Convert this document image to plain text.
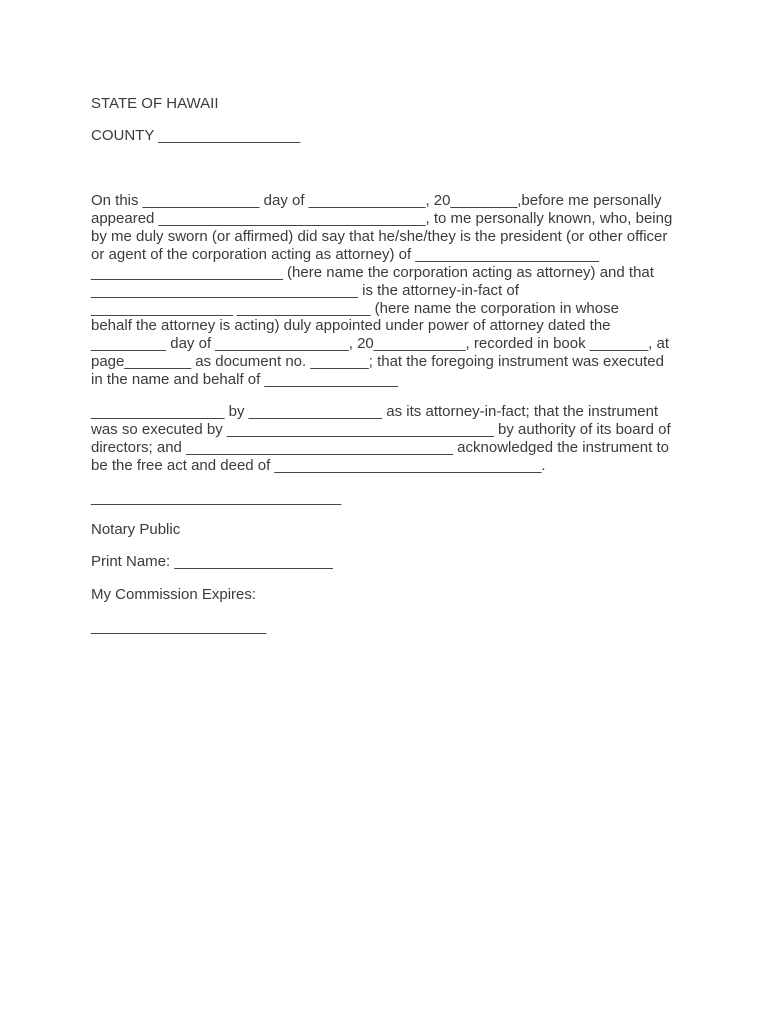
STATE OF HAWAII

COUNTY _________________

On this ______________ day of ______________, 20________,before me personally

appeared ________________________________, to me personally known, who, being

by me duly sworn (or affirmed) did say that he/she/they is the president (or other officer

or agent of the corporation acting as attorney) of ______________________

_______________________ (here name the corporation acting as attorney) and that

________________________________ is the attorney-in-fact of

_________________ ________________ (here name the corporation in whose

behalf the attorney is acting) duly appointed under power of attorney dated the

_________ day of ________________, 20___________, recorded in book _______, at

page________ as document no. _______; that the foregoing instrument was executed

in the name and behalf of ________________

________________ by ________________ as its attorney-in-fact; that the instrument

was so executed by ________________________________ by authority of its board of

directors; and ________________________________ acknowledged the instrument to

be the free act and deed of ________________________________.

______________________________

Notary Public

Print Name: ___________________

My Commission Expires:

_____________________
